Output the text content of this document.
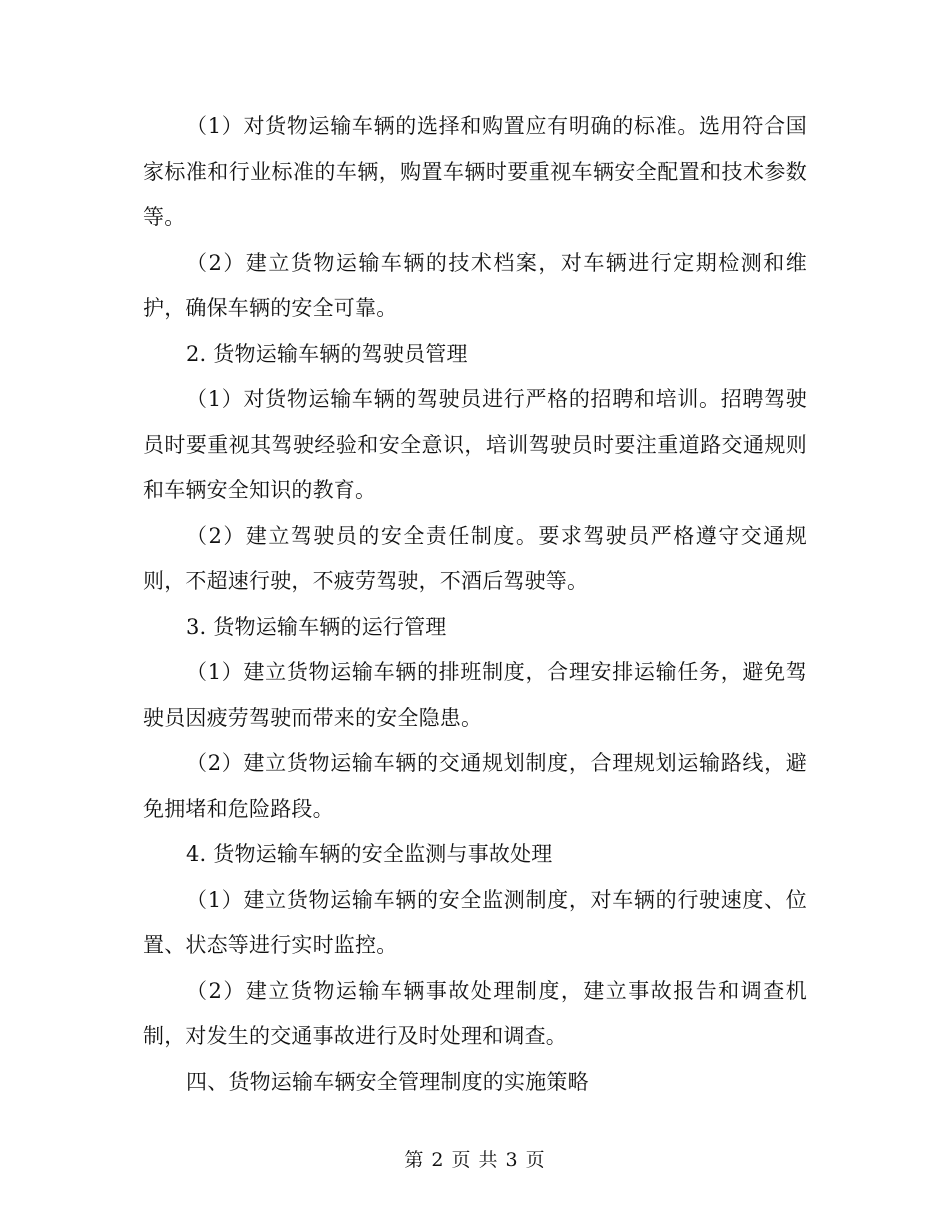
（1）对货物运输车辆的选择和购置应有明确的标准。选用符合国家标准和行业标准的车辆，购置车辆时要重视车辆安全配置和技术参数等。

（2）建立货物运输车辆的技术档案，对车辆进行定期检测和维护，确保车辆的安全可靠。

2. 货物运输车辆的驾驶员管理

（1）对货物运输车辆的驾驶员进行严格的招聘和培训。招聘驾驶员时要重视其驾驶经验和安全意识，培训驾驶员时要注重道路交通规则和车辆安全知识的教育。

（2）建立驾驶员的安全责任制度。要求驾驶员严格遵守交通规则，不超速行驶，不疲劳驾驶，不酒后驾驶等。

3. 货物运输车辆的运行管理

（1）建立货物运输车辆的排班制度，合理安排运输任务，避免驾驶员因疲劳驾驶而带来的安全隐患。

（2）建立货物运输车辆的交通规划制度，合理规划运输路线，避免拥堵和危险路段。

4. 货物运输车辆的安全监测与事故处理

（1）建立货物运输车辆的安全监测制度，对车辆的行驶速度、位置、状态等进行实时监控。

（2）建立货物运输车辆事故处理制度，建立事故报告和调查机制，对发生的交通事故进行及时处理和调查。

四、货物运输车辆安全管理制度的实施策略

第 2 页 共 3 页
